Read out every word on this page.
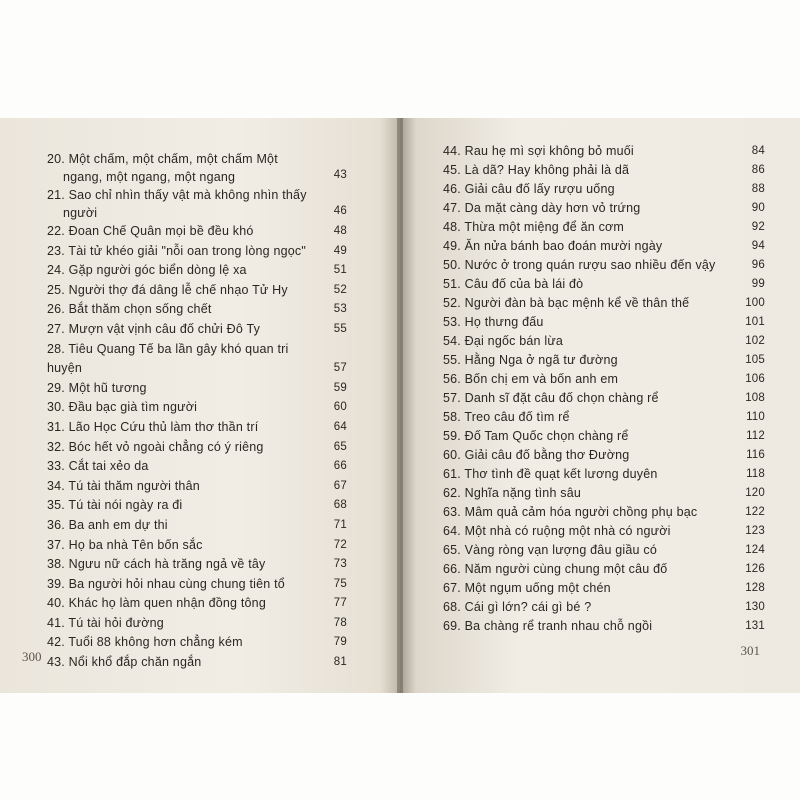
20. Một chấm, một chấm, một chấm Một ngang, một ngang, một ngang	43
21. Sao chỉ nhìn thấy vật mà không nhìn thấy người	46
22. Đoan Chế Quân mọi bề đều khó	48
23. Tài tử khéo giải "nỗi oan trong lòng ngọc"	49
24. Gặp người góc biển dòng lệ xa	51
25. Người thợ đá dâng lễ chế nhạo Tử Hy	52
26. Bắt thăm chọn sống chết	53
27. Mượn vật vịnh câu đố chửi Đô Ty	55
28. Tiêu Quang Tế ba lần gây khó quan tri huyện	57
29. Một hũ tương	59
30. Đầu bạc già tìm người	60
31. Lão Học Cứu thủ làm thơ thần trí	64
32. Bóc hết vỏ ngoài chẳng có ý riêng	65
33. Cắt tai xẻo da	66
34. Tú tài thăm người thân	67
35. Tú tài nói ngày ra đi	68
36. Ba anh em dự thi	71
37. Họ ba nhà Tên bốn sắc	72
38. Ngưu nữ cách hà trăng ngả về tây	73
39. Ba người hỏi nhau cùng chung tiên tổ	75
40. Khác họ làm quen nhận đồng tông	77
41. Tú tài hỏi đường	78
42. Tuổi 88 không hơn chẳng kém	79
43. Nổi khổ đắp chăn ngắn	81
300
44. Rau hẹ mì sợi không bỏ muối	84
45. Là dã? Hay không phải là dã	86
46. Giải câu đố lấy rượu uống	88
47. Da mặt càng dày hơn vỏ trứng	90
48. Thừa một miệng để ăn cơm	92
49. Ăn nửa bánh bao đoán mười ngày	94
50. Nước ở trong quán rượu sao nhiều đến vậy	96
51. Câu đố của bà lái đò	99
52. Người đàn bà bạc mệnh kể về thân thế	100
53. Họ thưng đấu	101
54. Đại ngốc bán lừa	102
55. Hằng Nga ở ngã tư đường	105
56. Bốn chị em và bốn anh em	106
57. Danh sĩ đặt câu đố chọn chàng rể	108
58. Treo câu đố tìm rể	110
59. Đố Tam Quốc chọn chàng rể	112
60. Giải câu đố bằng thơ Đường	116
61. Thơ tình đề quạt kết lương duyên	118
62. Nghĩa nặng tình sâu	120
63. Mâm quả cảm hóa người chồng phụ bạc	122
64. Một nhà có ruộng một nhà có người	123
65. Vàng ròng vạn lượng đâu giầu có	124
66. Năm người cùng chung một câu đố	126
67. Một ngụm uống một chén	128
68. Cái gì lớn? cái gì bé ?	130
69. Ba chàng rể tranh nhau chỗ ngồi	131
301
